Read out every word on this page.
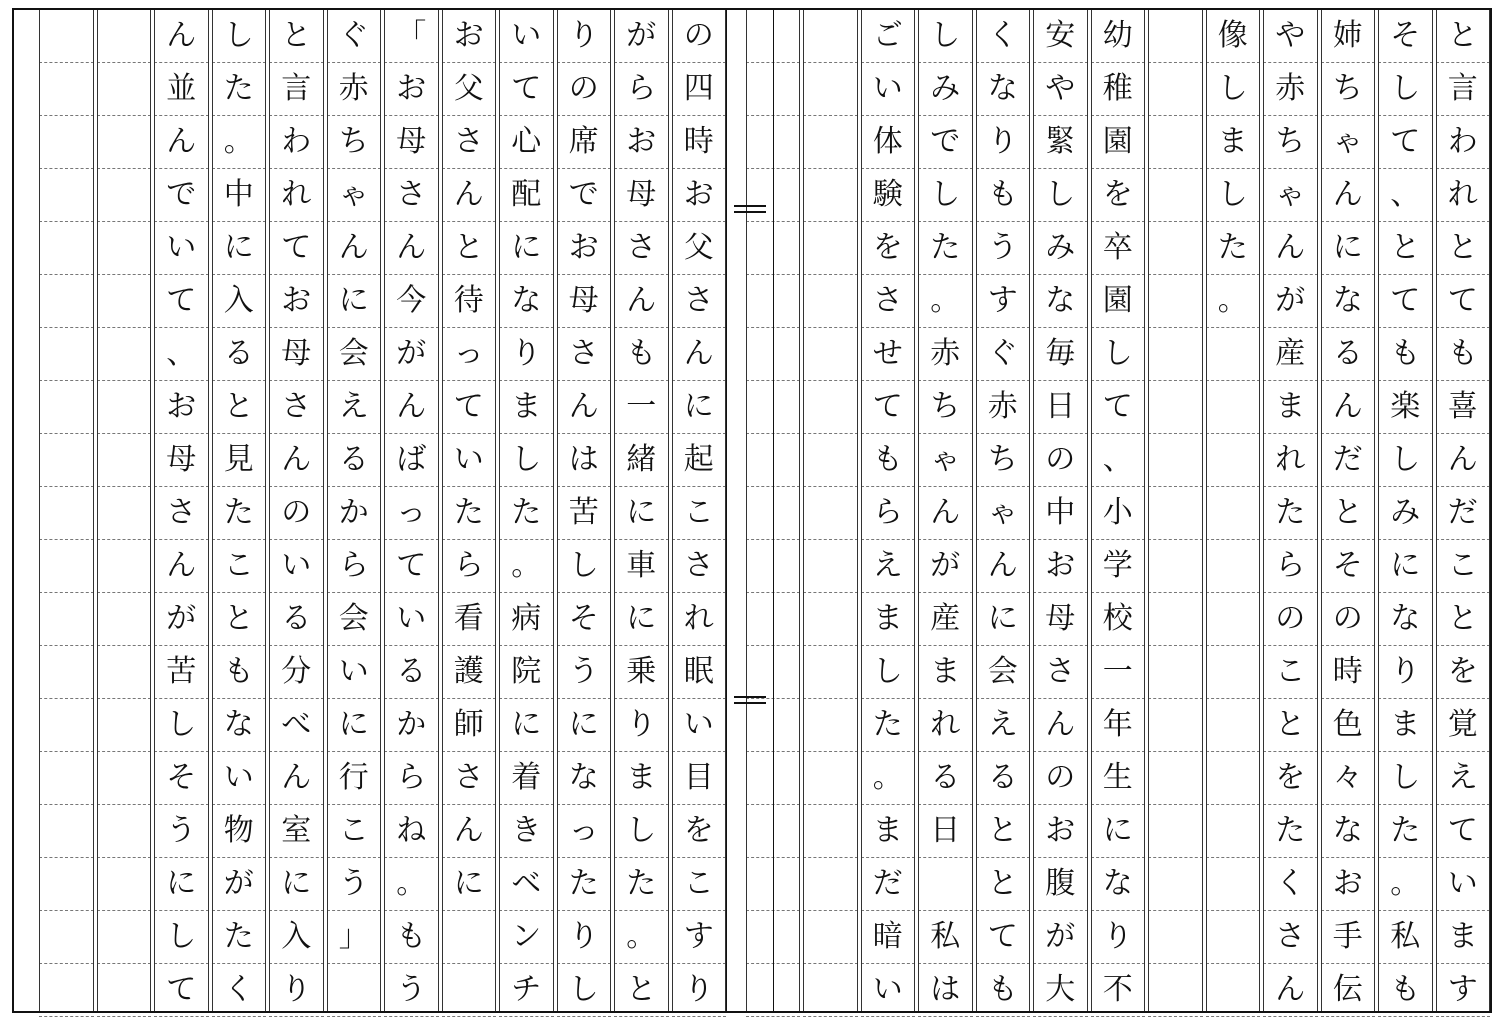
と
言
わ
れ
と
て
も
喜
ん
だ
こ
と
を
覚
え
て
い
ま
す
そ
し
て
、
と
て
も
楽
し
み
に
な
り
ま
し
た
。
私
も
姉
ち
ゃ
ん
に
な
る
ん
だ
と
そ
の
時
色
々
な
お
手
伝
や
赤
ち
ゃ
ん
が
産
ま
れ
た
ら
の
こ
と
を
た
く
さ
ん
像
し
ま
し
た
。
幼
稚
園
を
卒
園
し
て
、
小
学
校
一
年
生
に
な
り
不
安
や
緊
し
み
な
毎
日
の
中
お
母
さ
ん
の
お
腹
が
大
く
な
り
も
う
す
ぐ
赤
ち
ゃ
ん
に
会
え
る
と
と
て
も
し
み
で
し
た
。
赤
ち
ゃ
ん
が
産
ま
れ
る
日

私
は
ご
い
体
験
を
さ
せ
て
も
ら
え
ま
し
た
。
ま
だ
暗
い
の
四
時
お
父
さ
ん
に
起
こ
さ
れ
眠
い
目
を
こ
す
り
が
ら
お
母
さ
ん
も
一
緒
に
車
に
乗
り
ま
し
た
。
と
り
の
席
で
お
母
さ
ん
は
苦
し
そ
う
に
な
っ
た
り
し
い
て
心
配
に
な
り
ま
し
た
。
病
院
に
着
き
ベ
ン
チ
お
父
さ
ん
と
待
っ
て
い
た
ら
看
護
師
さ
ん
に
「
お
母
さ
ん
今
が
ん
ば
っ
て
い
る
か
ら
ね
。
も
う
ぐ
赤
ち
ゃ
ん
に
会
え
る
か
ら
会
い
に
行
こ
う
」
と
言
わ
れ
て
お
母
さ
ん
の
い
る
分
べ
ん
室
に
入
り
し
た
。
中
に
入
る
と
見
た
こ
と
も
な
い
物
が
た
く
ん
並
ん
で
い
て
、
お
母
さ
ん
が
苦
し
そ
う
に
し
て
